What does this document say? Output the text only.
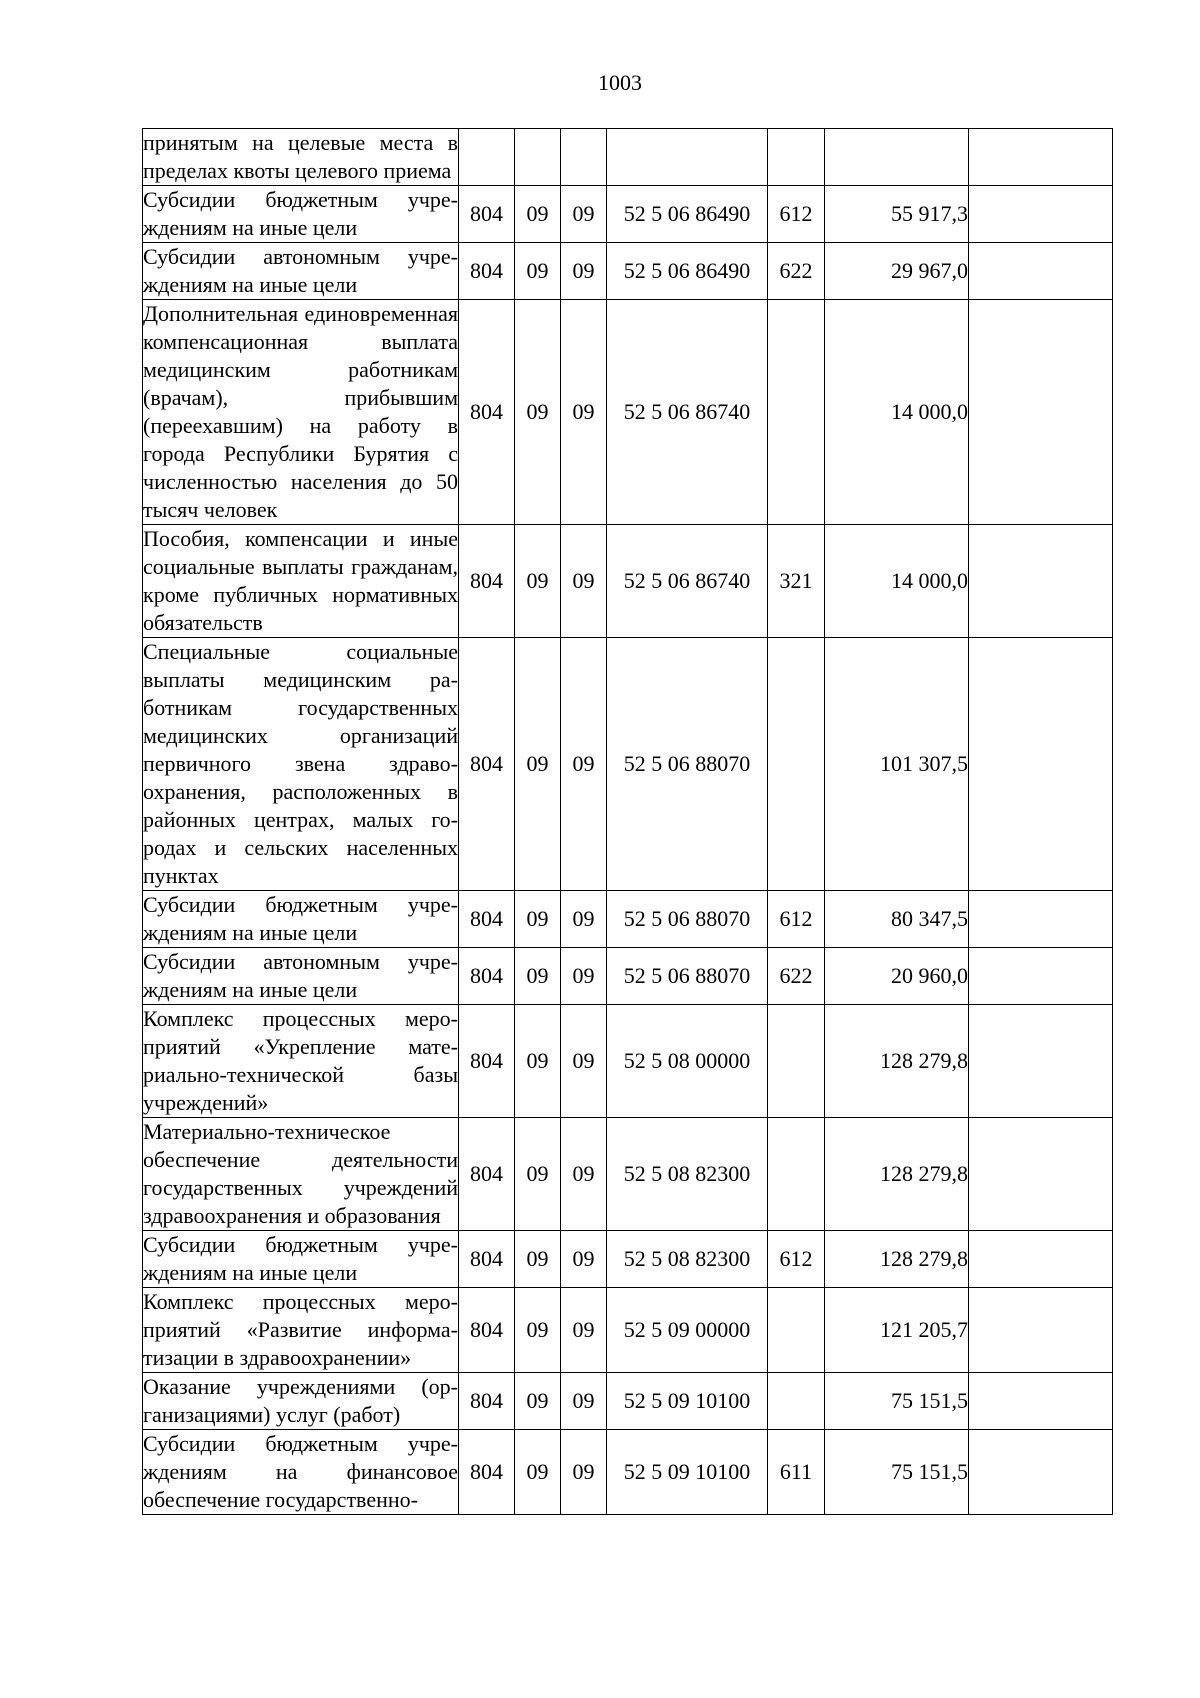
1003
принятым на целевые места в пределах квоты целевого приема							
Субсидии бюджетным учреждениям на иные цели	804	09	09	52 5 06 86490	612	55 917,3	
Субсидии автономным учреждениям на иные цели	804	09	09	52 5 06 86490	622	29 967,0	
Дополнительная единовременная компенсационная выплата медицинским работникам (врачам), прибывшим (переехавшим) на работу в города Республики Бурятия с численностью населения до 50 тысяч человек	804	09	09	52 5 06 86740		14 000,0	
Пособия, компенсации и иные социальные выплаты гражданам, кроме публичных нормативных обязательств	804	09	09	52 5 06 86740	321	14 000,0	
Специальные социальные выплаты медицинским работникам государственных медицинских организаций первичного звена здравоохранения, расположенных в районных центрах, малых городах и сельских населенных пунктах	804	09	09	52 5 06 88070		101 307,5	
Субсидии бюджетным учреждениям на иные цели	804	09	09	52 5 06 88070	612	80 347,5	
Субсидии автономным учреждениям на иные цели	804	09	09	52 5 06 88070	622	20 960,0	
Комплекс процессных мероприятий «Укрепление материально-технической базы учреждений»	804	09	09	52 5 08 00000		128 279,8	
Материально-техническое обеспечение деятельности государственных учреждений здравоохранения и образования	804	09	09	52 5 08 82300		128 279,8	
Субсидии бюджетным учреждениям на иные цели	804	09	09	52 5 08 82300	612	128 279,8	
Комплекс процессных мероприятий «Развитие информатизации в здравоохранении»	804	09	09	52 5 09 00000		121 205,7	
Оказание учреждениями (организациями) услуг (работ)	804	09	09	52 5 09 10100		75 151,5	
Субсидии бюджетным учреждениям на финансовое обеспечение государственно-	804	09	09	52 5 09 10100	611	75 151,5	
